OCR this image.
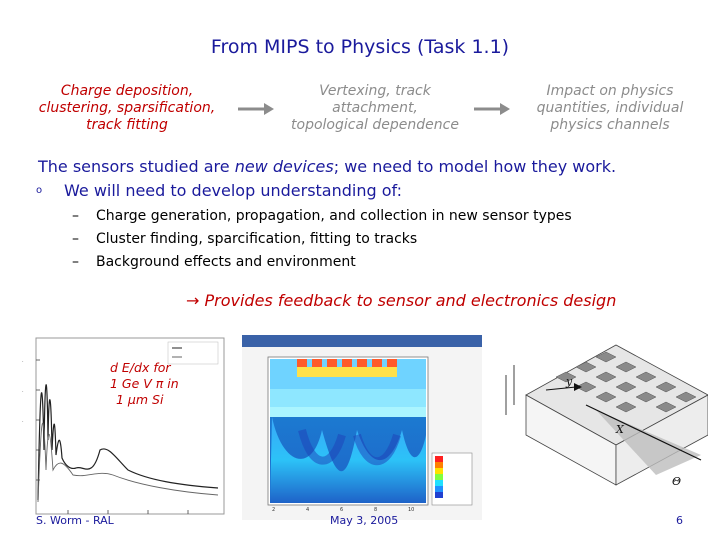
From MIPS to Physics (Task 1.1)
Charge deposition,
clustering, sparsification,
track fitting
Vertexing, track
attachment,
topological dependence
Impact on physics
quantities, individual
physics channels
The sensors studied are new devices; we need to model how they work.
o We will need to develop understanding of:
– Charge generation, propagation, and collection in new sensor types
– Cluster finding, sparcification, fitting to tracks
– Background effects and environment
→ Provides feedback to sensor and electronics design
.
.
.
d E/dx for
1 Ge V π in
1 μm Si
2	4	6	8	10
y
X
Θ
S. Worm - RAL	May 3, 2005	6
